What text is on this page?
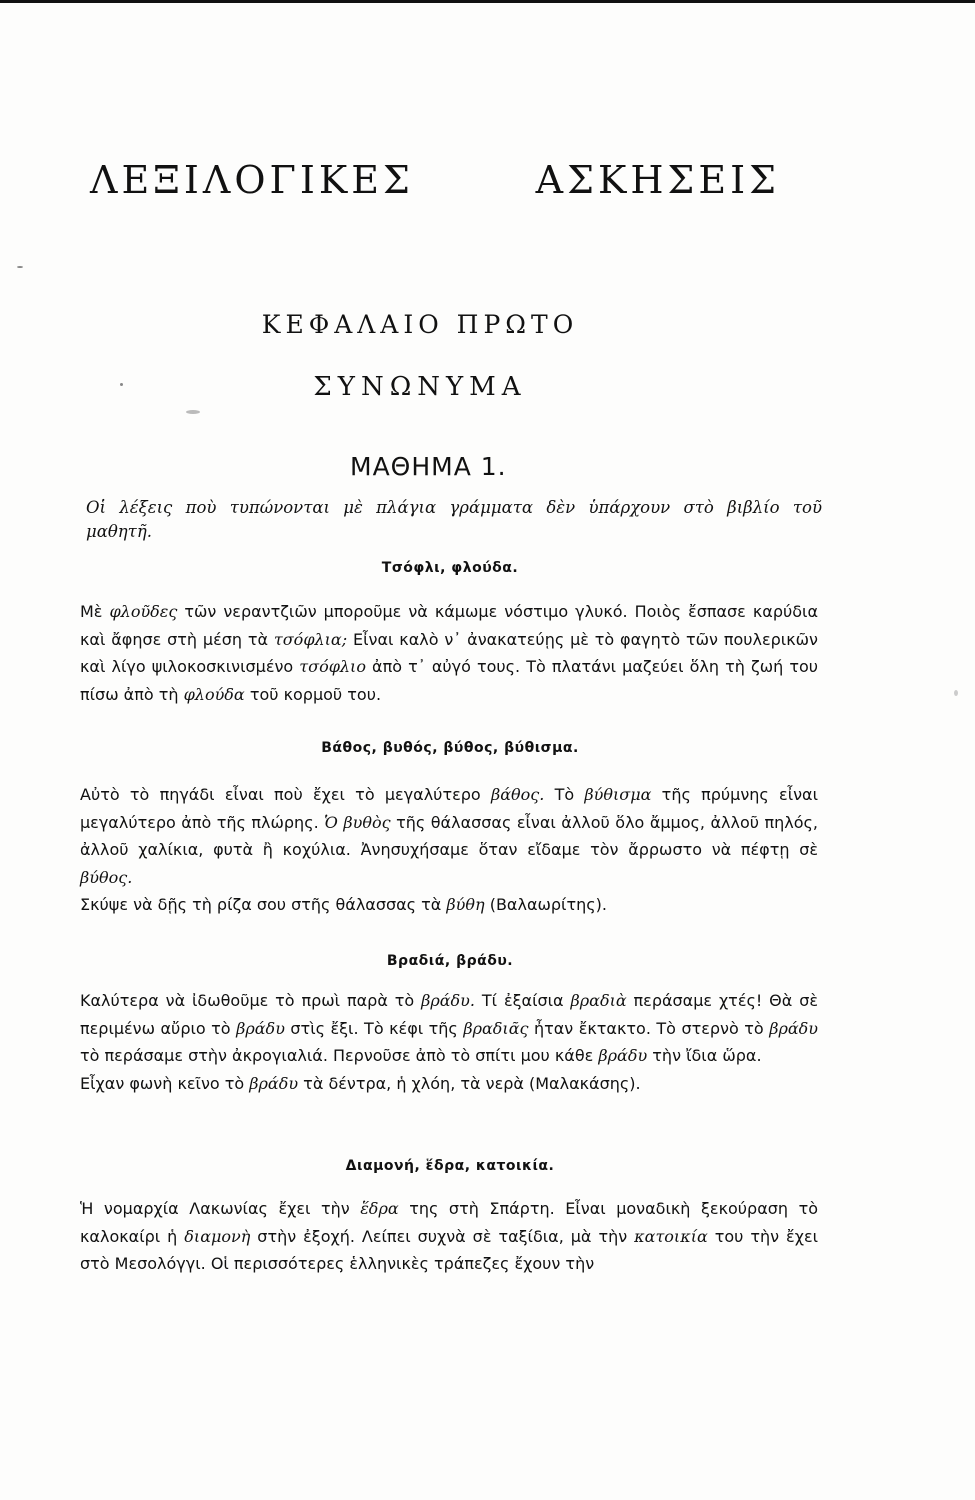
ΛΕΞΙΛΟΓΙΚΕΣ	ΑΣΚΗΣΕΙΣ
ΚΕΦΑΛΑΙΟ ΠΡΩΤΟ
ΣΥΝΩΝΥΜΑ
ΜΑΘΗΜΑ 1.
Οἱ λέξεις ποὺ τυπώνονται μὲ πλάγια γράμματα δὲν ὑπάρχουν στὸ βιβλίο τοῦ μαθητῆ.
Τσόφλι, φλούδα.

Μὲ φλοῦδες τῶν νεραντζιῶν μποροῦμε νὰ κάμωμε νόστιμο γλυκό. Ποιὸς ἔσπασε καρύδια καὶ ἄφησε στὴ μέση τὰ τσόφλια; Εἶναι καλὸ ν᾿ ἀνακατεύῃς μὲ τὸ φαγητὸ τῶν πουλερικῶν καὶ λίγο ψιλοκοσκινισμένο τσόφλιο ἀπὸ τ᾿ αὐγό τους. Τὸ πλατάνι μαζεύει ὅλη τὴ ζωή του πίσω ἀπὸ τὴ φλούδα τοῦ κορμοῦ του.

Βάθος, βυθός, βύθος, βύθισμα.

Αὐτὸ τὸ πηγάδι εἶναι ποὺ ἔχει τὸ μεγαλύτερο βάθος. Τὸ βύθισμα τῆς πρύμνης εἶναι μεγαλύτερο ἀπὸ τῆς πλώρης. Ὁ βυθὸς τῆς θάλασσας εἶναι ἀλλοῦ ὅλο ἄμμος, ἀλλοῦ πηλός, ἀλλοῦ χαλίκια, φυτὰ ἢ κοχύλια. Ἀνησυχήσαμε ὅταν εἴδαμε τὸν ἄρρωστο νὰ πέφτῃ σὲ βύθος.

Σκύψε νὰ δῇς τὴ ρίζα σου στῆς θάλασσας τὰ βύθη (Βαλαωρίτης).

Βραδιά, βράδυ.

Καλύτερα νὰ ἰδωθοῦμε τὸ πρωὶ παρὰ τὸ βράδυ. Τί ἐξαίσια βραδιὰ περάσαμε χτές! Θὰ σὲ περιμένω αὔριο τὸ βράδυ στὶς ἔξι. Τὸ κέφι τῆς βραδιᾶς ἦταν ἔκτακτο. Τὸ στερνὸ τὸ βράδυ τὸ περάσαμε στὴν ἀκρογιαλιά. Περνοῦσε ἀπὸ τὸ σπίτι μου κάθε βράδυ τὴν ἴδια ὥρα.

Εἶχαν φωνὴ κεῖνο τὸ βράδυ τὰ δέντρα, ἡ χλόη, τὰ νερὰ (Μαλακάσης).

Διαμονή, ἕδρα, κατοικία.

Ἡ νομαρχία Λακωνίας ἔχει τὴν ἕδρα της στὴ Σπάρτη. Εἶναι μοναδικὴ ξεκούραση τὸ καλοκαίρι ἡ διαμονὴ στὴν ἐξοχή. Λείπει συχνὰ σὲ ταξίδια, μὰ τὴν κατοικία του τὴν ἔχει στὸ Μεσολόγγι. Οἱ περισσότερες ἑλληνικὲς τράπεζες ἔχουν τὴν
